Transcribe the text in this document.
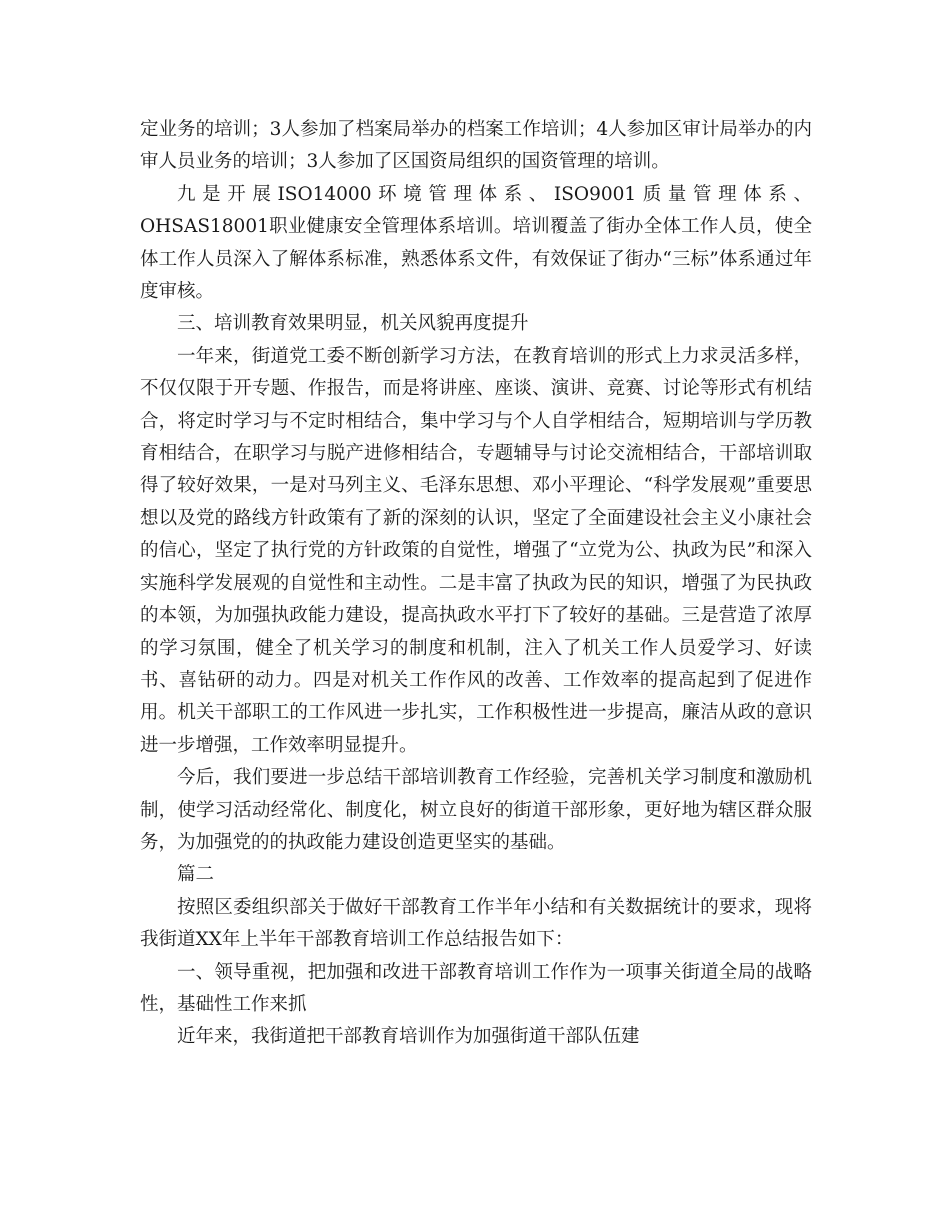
定业务的培训；3人参加了档案局举办的档案工作培训；4人参加区审计局举办的内审人员业务的培训；3人参加了区国资局组织的国资管理的培训。

九是开展ISO14000环境管理体系、ISO9001质量管理体系、OHSAS18001职业健康安全管理体系培训。培训覆盖了街办全体工作人员，使全体工作人员深入了解体系标准，熟悉体系文件，有效保证了街办“三标”体系通过年度审核。

三、培训教育效果明显，机关风貌再度提升

一年来，街道党工委不断创新学习方法，在教育培训的形式上力求灵活多样，不仅仅限于开专题、作报告，而是将讲座、座谈、演讲、竞赛、讨论等形式有机结合，将定时学习与不定时相结合，集中学习与个人自学相结合，短期培训与学历教育相结合，在职学习与脱产进修相结合，专题辅导与讨论交流相结合，干部培训取得了较好效果，一是对马列主义、毛泽东思想、邓小平理论、“科学发展观”重要思想以及党的路线方针政策有了新的深刻的认识，坚定了全面建设社会主义小康社会的信心，坚定了执行党的方针政策的自觉性，增强了“立党为公、执政为民”和深入实施科学发展观的自觉性和主动性。二是丰富了执政为民的知识，增强了为民执政的本领，为加强执政能力建设，提高执政水平打下了较好的基础。三是营造了浓厚的学习氛围，健全了机关学习的制度和机制，注入了机关工作人员爱学习、好读书、喜钻研的动力。四是对机关工作作风的改善、工作效率的提高起到了促进作用。机关干部职工的工作风进一步扎实，工作积极性进一步提高，廉洁从政的意识进一步增强，工作效率明显提升。

今后，我们要进一步总结干部培训教育工作经验，完善机关学习制度和激励机制，使学习活动经常化、制度化，树立良好的街道干部形象，更好地为辖区群众服务，为加强党的的执政能力建设创造更坚实的基础。

篇二

按照区委组织部关于做好干部教育工作半年小结和有关数据统计的要求，现将我街道XX年上半年干部教育培训工作总结报告如下：

一、领导重视，把加强和改进干部教育培训工作作为一项事关街道全局的战略性，基础性工作来抓

近年来，我街道把干部教育培训作为加强街道干部队伍建
